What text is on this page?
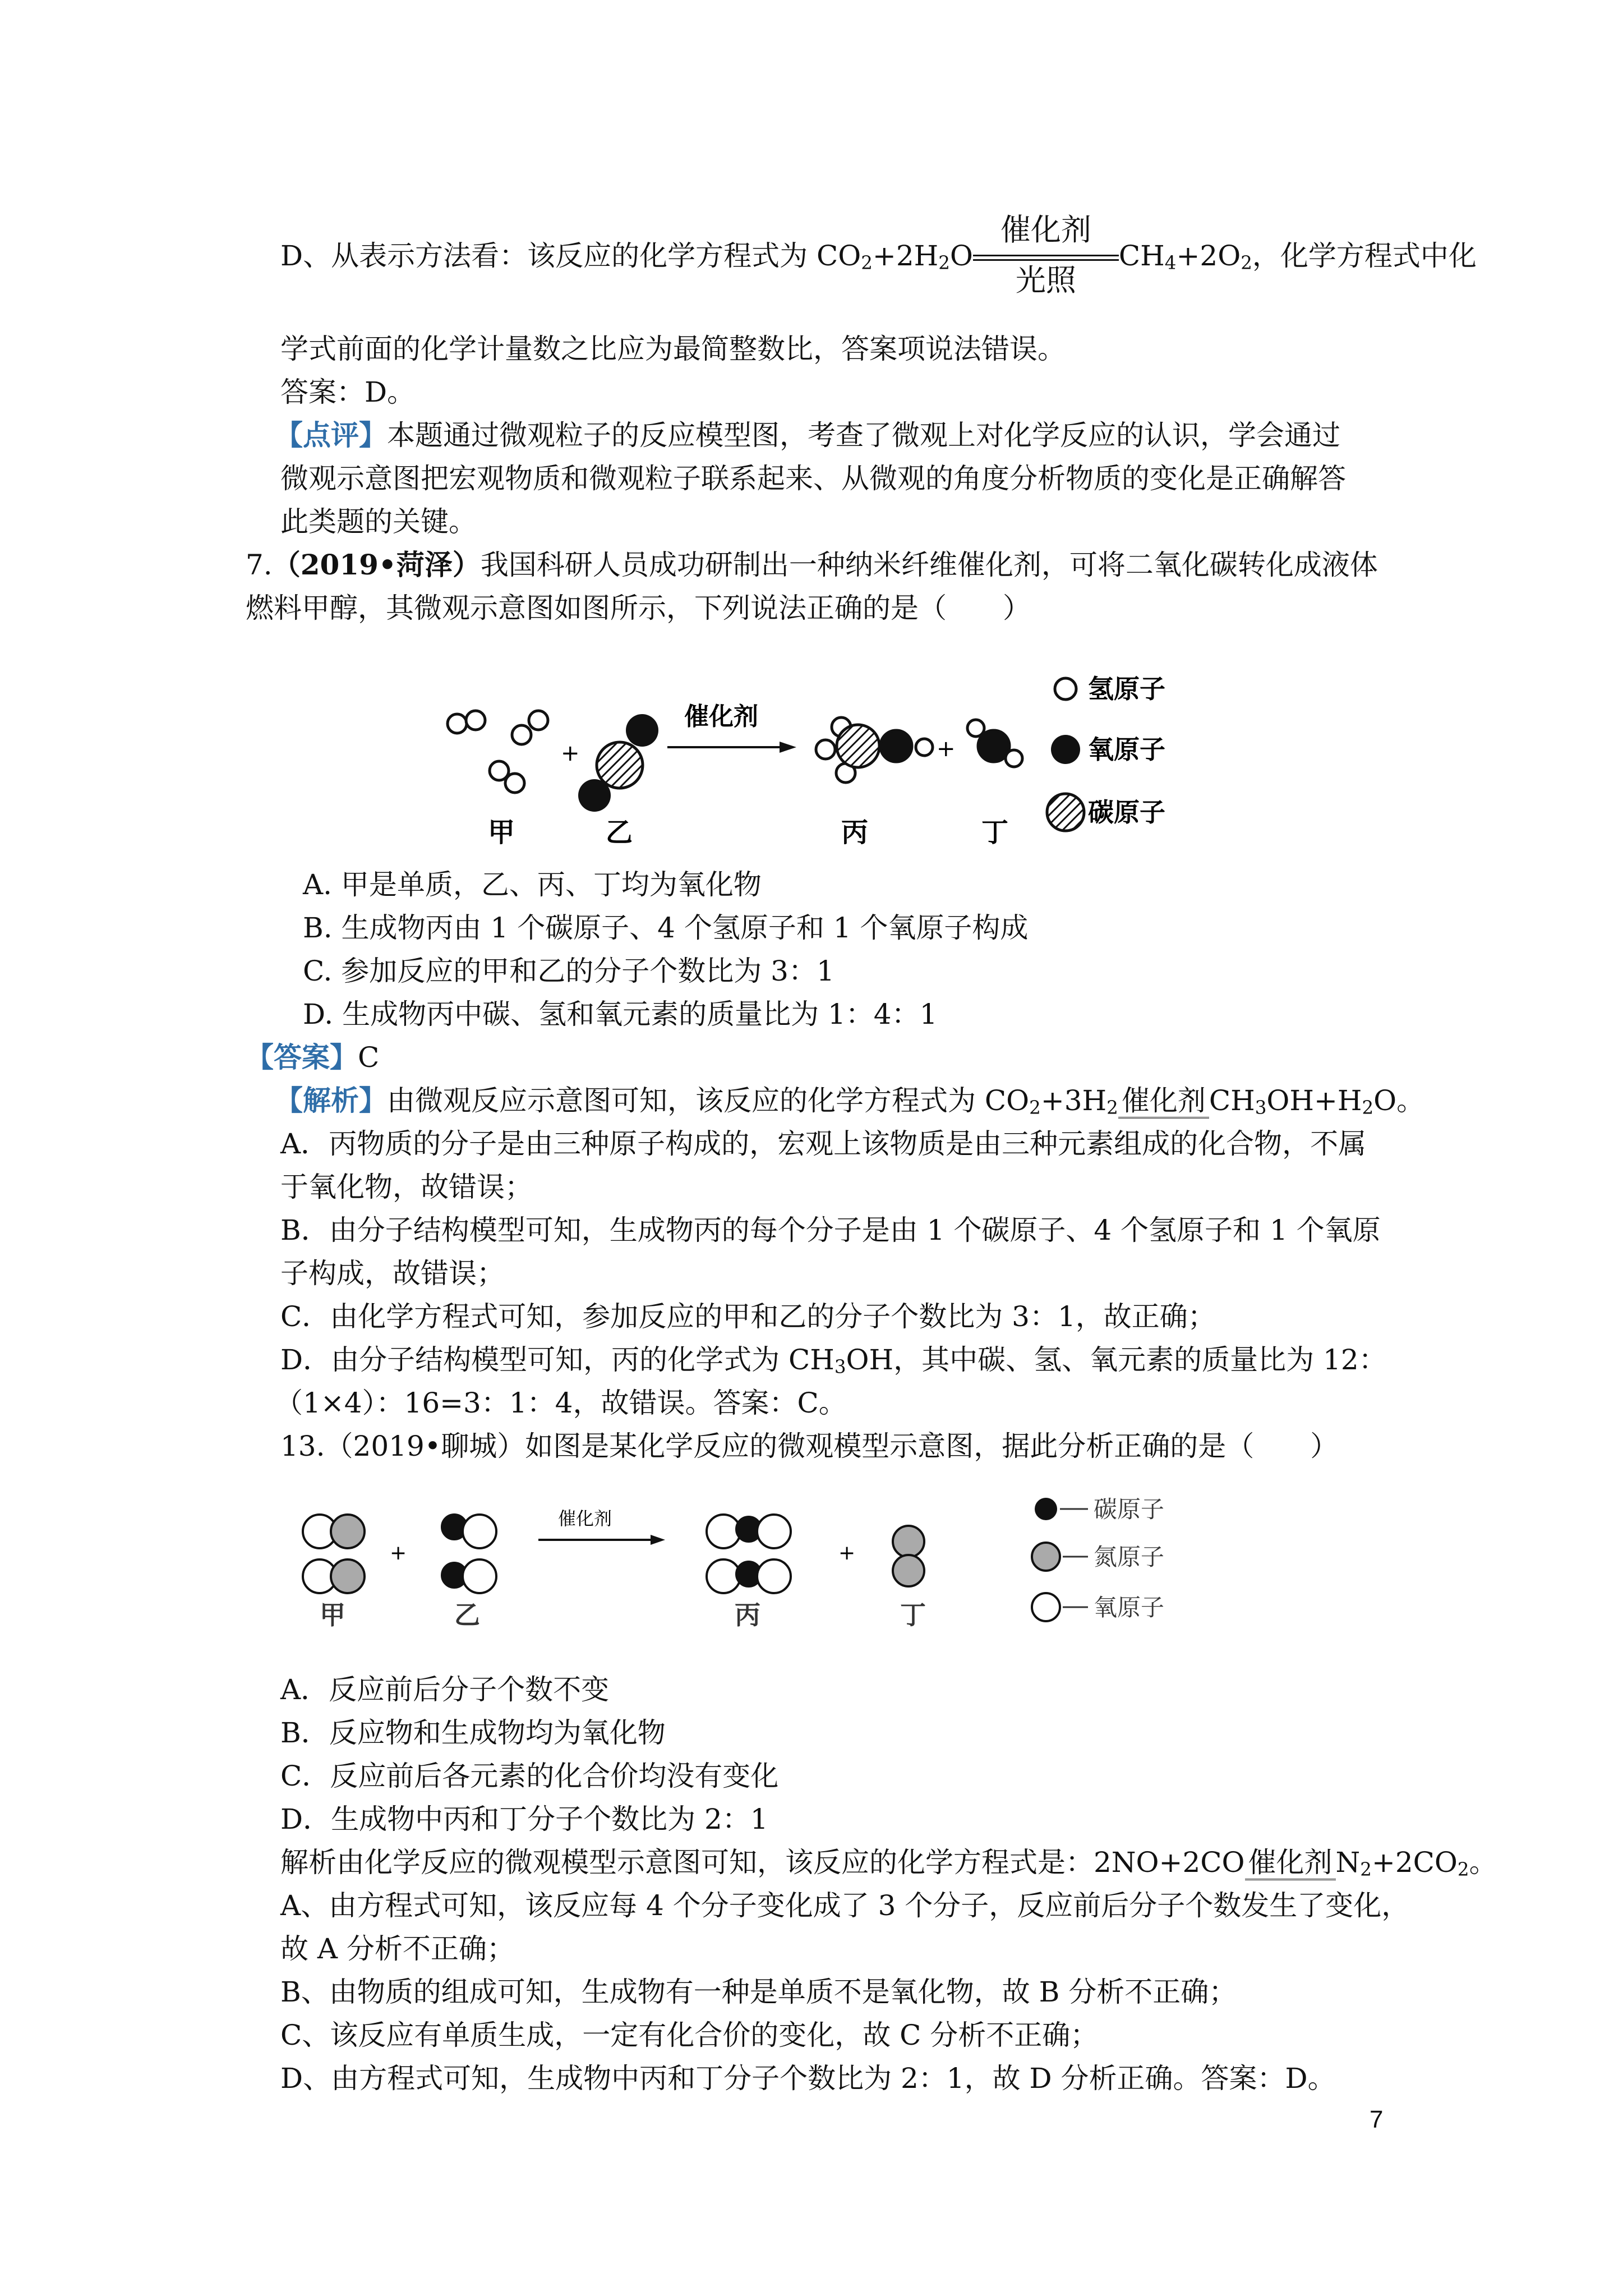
D、从表示方法看：该反应的化学方程式为 $CO_2+2H_2O \frac{\text{催化剂}}{\text{光照}} CH_4+2O_2$，化学方程式中化
学式前面的化学计量数之比应为最简整数比，答案项说法错误。
答案：D。
【点评】本题通过微观粒子的反应模型图，考查了微观上对化学反应的认识，学会通过
微观示意图把宏观物质和微观粒子联系起来、从微观的角度分析物质的变化是正确解答
此类题的关键。
7.（2019•菏泽）我国科研人员成功研制出一种纳米纤维催化剂，可将二氧化碳转化成液体
燃料甲醇，其微观示意图如图所示，下列说法正确的是（　　）
+
催化剂
+
甲	乙	丙	丁
氢原子
氧原子
碳原子
A. 甲是单质，乙、丙、丁均为氧化物
B. 生成物丙由 1 个碳原子、4 个氢原子和 1 个氧原子构成
C. 参加反应的甲和乙的分子个数比为 3：1
D. 生成物丙中碳、氢和氧元素的质量比为 1：4：1
【答案】C
【解析】由微观反应示意图可知，该反应的化学方程式为 $CO_2+3H_2$ 催化剂 $CH_3OH+H_2O$。
A．丙物质的分子是由三种原子构成的，宏观上该物质是由三种元素组成的化合物，不属
于氧化物，故错误；
B．由分子结构模型可知，生成物丙的每个分子是由 1 个碳原子、4 个氢原子和 1 个氧原
子构成，故错误；
C．由化学方程式可知，参加反应的甲和乙的分子个数比为 3：1，故正确；
D．由分子结构模型可知，丙的化学式为 $CH_3OH$，其中碳、氢、氧元素的质量比为 12：
（1×4）：16=3：1：4，故错误。答案：C。
13.（2019•聊城）如图是某化学反应的微观模型示意图，据此分析正确的是（　　）
+
催化剂
+
甲	乙	丙	丁
碳原子
氮原子
氧原子
A．反应前后分子个数不变
B．反应物和生成物均为氧化物
C．反应前后各元素的化合价均没有变化
D．生成物中丙和丁分子个数比为 2：1
解析由化学反应的微观模型示意图可知，该反应的化学方程式是：2NO+2CO 催化剂 $N_2+2CO_2$。
A、由方程式可知，该反应每 4 个分子变化成了 3 个分子，反应前后分子个数发生了变化，
故 A 分析不正确；
B、由物质的组成可知，生成物有一种是单质不是氧化物，故 B 分析不正确；
C、该反应有单质生成，一定有化合价的变化，故 C 分析不正确；
D、由方程式可知，生成物中丙和丁分子个数比为 2：1，故 D 分析正确。答案：D。
7
